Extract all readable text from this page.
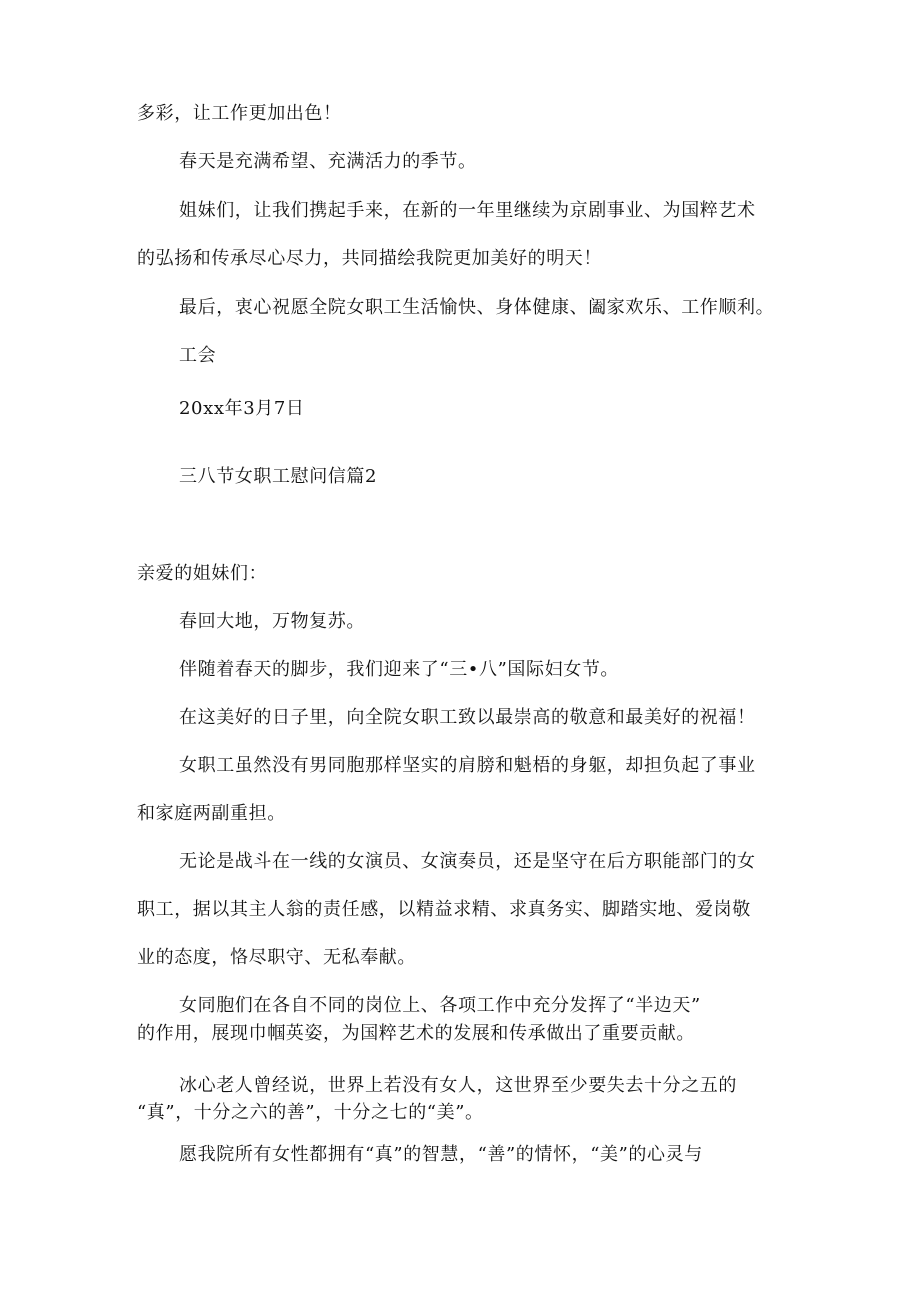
多彩，让工作更加出色！
春天是充满希望、充满活力的季节。
姐妹们，让我们携起手来，在新的一年里继续为京剧事业、为国粹艺术
的弘扬和传承尽心尽力，共同描绘我院更加美好的明天！
最后，衷心祝愿全院女职工生活愉快、身体健康、阖家欢乐、工作顺利。
工会
20xx年3月7日
三八节女职工慰问信篇2
亲爱的姐妹们：
春回大地，万物复苏。
伴随着春天的脚步，我们迎来了“三•八”国际妇女节。
在这美好的日子里，向全院女职工致以最崇高的敬意和最美好的祝福！
女职工虽然没有男同胞那样坚实的肩膀和魁梧的身躯，却担负起了事业
和家庭两副重担。
无论是战斗在一线的女演员、女演奏员，还是坚守在后方职能部门的女
职工，据以其主人翁的责任感，以精益求精、求真务实、脚踏实地、爱岗敬
业的态度，恪尽职守、无私奉献。
女同胞们在各自不同的岗位上、各项工作中充分发挥了“半边天”
的作用，展现巾帼英姿，为国粹艺术的发展和传承做出了重要贡献。
冰心老人曾经说，世界上若没有女人，这世界至少要失去十分之五的
“真”，十分之六的善”，十分之七的“美”。
愿我院所有女性都拥有“真”的智慧，“善”的情怀，“美”的心灵与
